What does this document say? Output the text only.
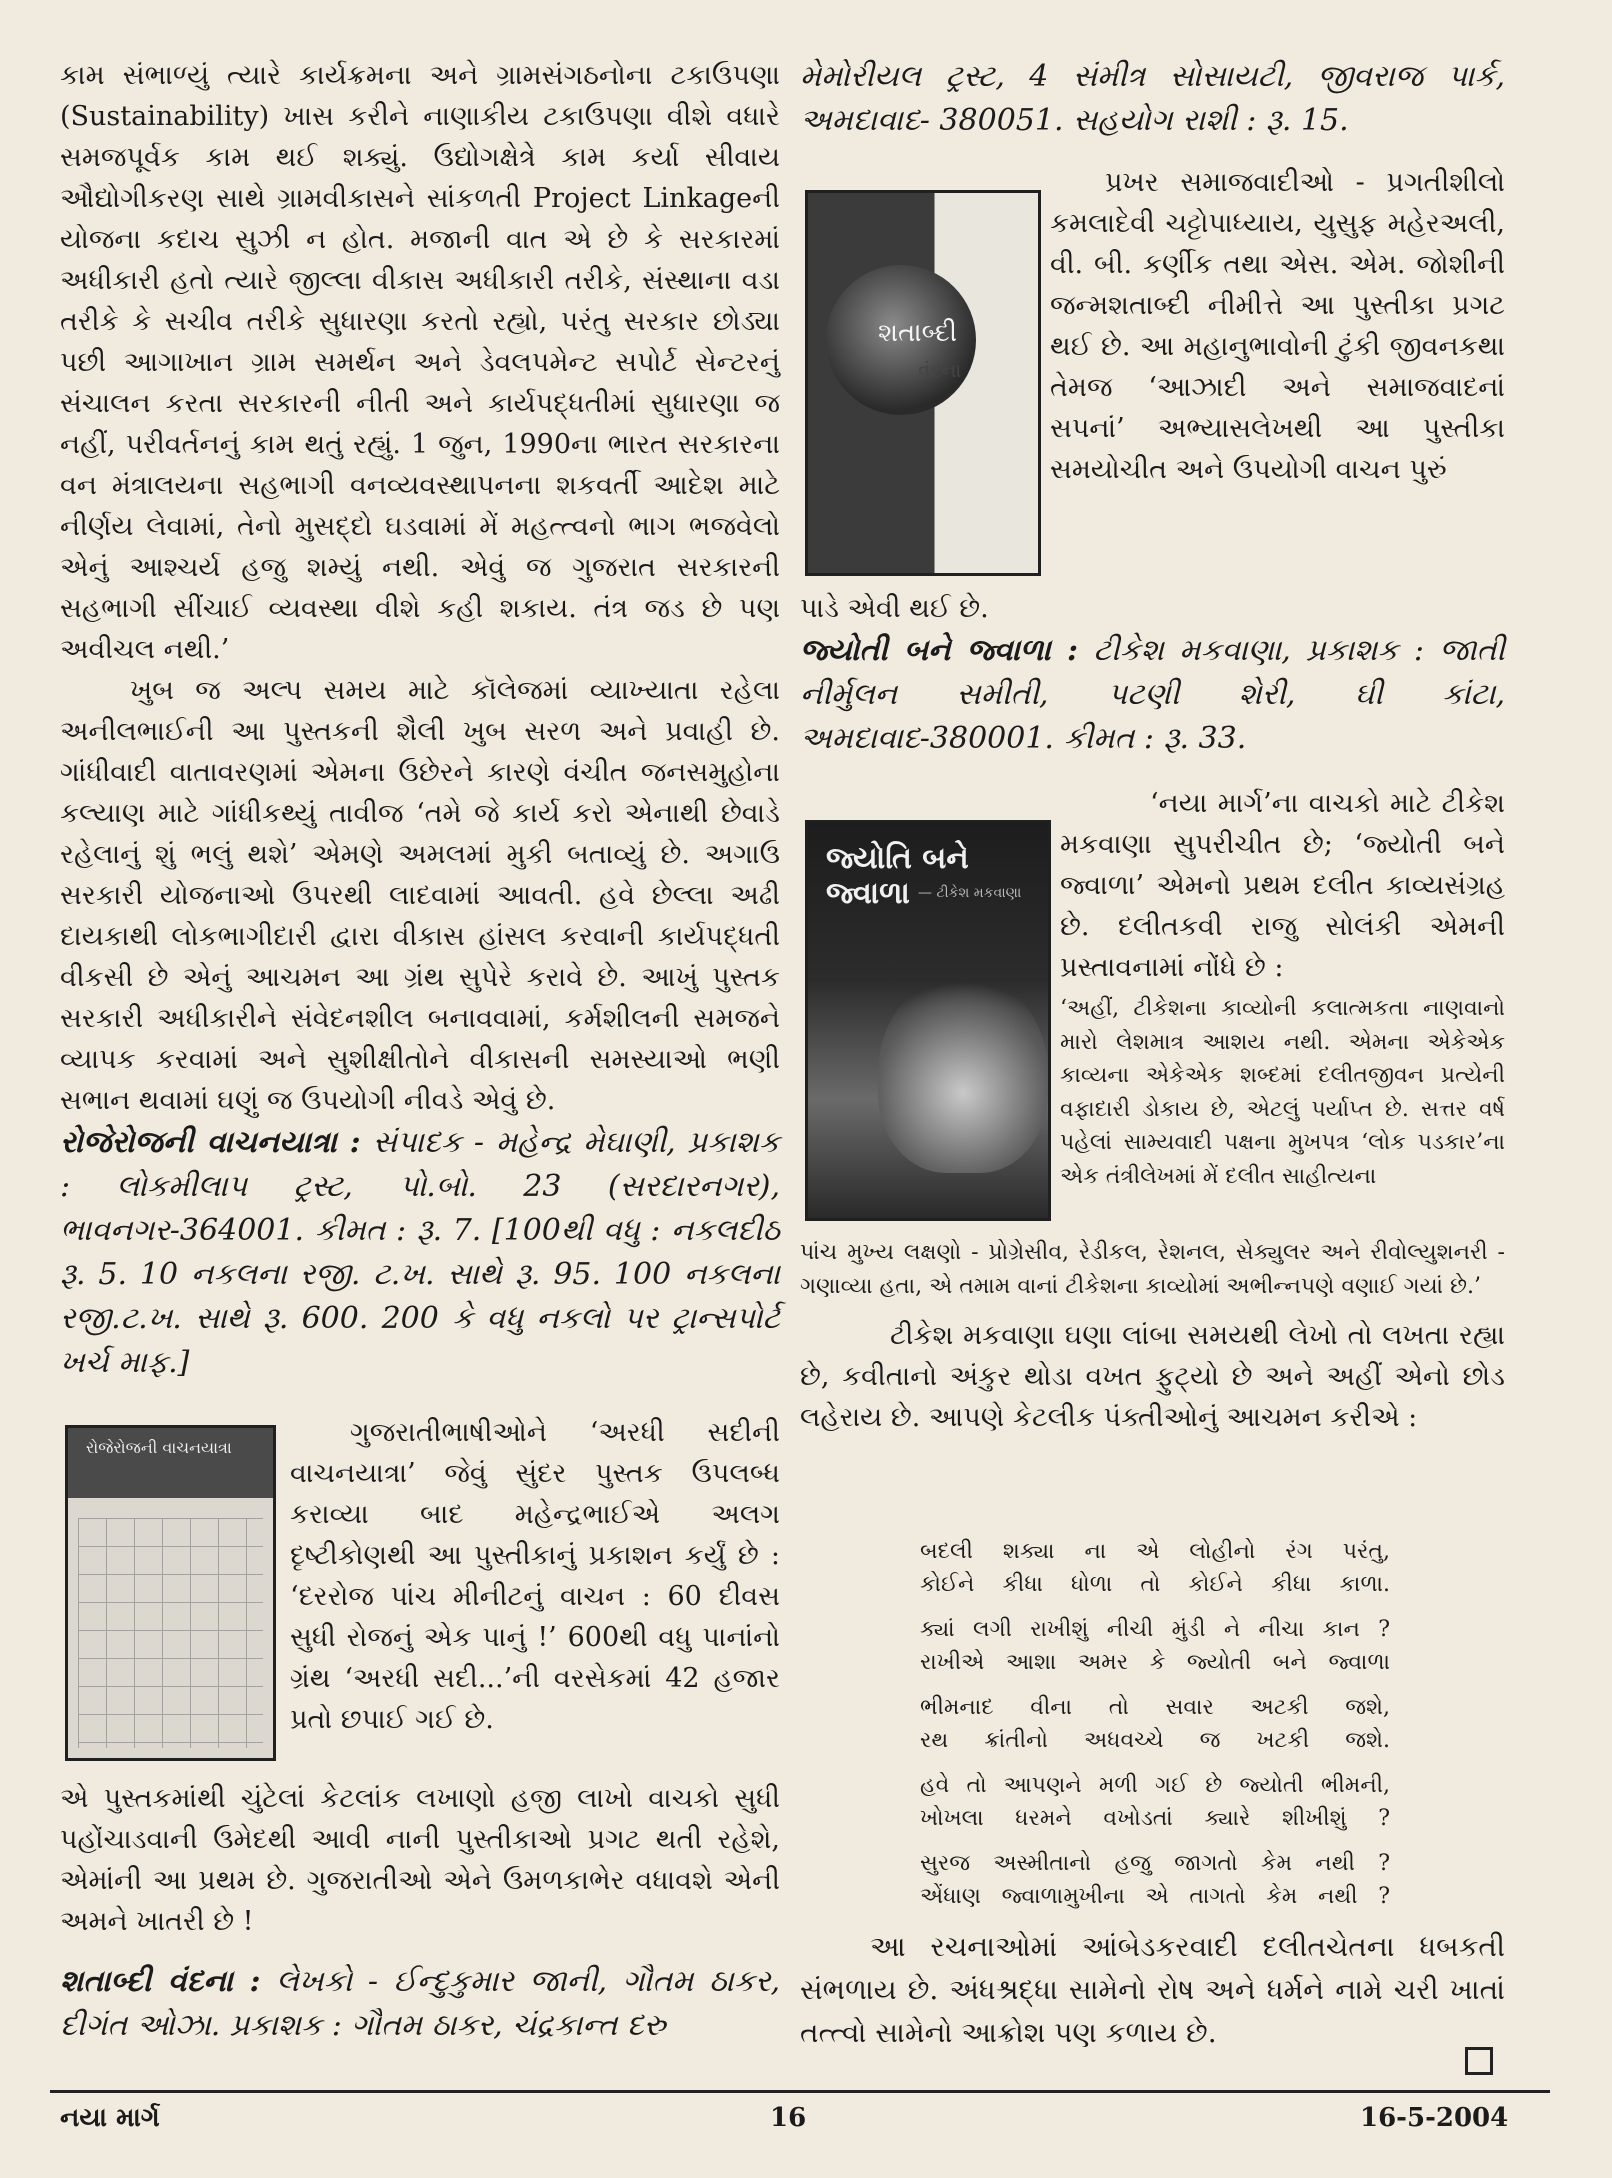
કામ સંભાળ્યું ત્યારે કાર્યક્રમના અને ગ્રામસંગઠનોના ટકાઉપણા (Sustainability) ખાસ કરીને નાણાકીય ટકાઉપણા વીશે વધારે સમજપૂર્વક કામ થઈ શક્યું. ઉદ્યોગક્ષેત્રે કામ કર્યા સીવાય ઔદ્યોગીકરણ સાથે ગ્રામવીકાસને સાંકળતી Project Linkageની યોજના કદાચ સુઝી ન હોત. મજાની વાત એ છે કે સરકારમાં અધીકારી હતો ત્યારે જીલ્લા વીકાસ અધીકારી તરીકે, સંસ્થાના વડા તરીકે કે સચીવ તરીકે સુધારણા કરતો રહ્યો, પરંતુ સરકાર છોડ્યા પછી આગાખાન ગ્રામ સમર્થન અને ડેવલપમેન્ટ સપોર્ટ સેન્ટરનું સંચાલન કરતા સરકારની નીતી અને કાર્યપદ્ધતીમાં સુધારણા જ નહીં, પરીવર્તનનું કામ થતું રહ્યું. 1 જુન, 1990ના ભારત સરકારના વન મંત્રાલયના સહભાગી વનવ્યવસ્થાપનના શકવર્તી આદેશ માટે નીર્ણય લેવામાં, તેનો મુસદ્દો ઘડવામાં મેં મહત્ત્વનો ભાગ ભજવેલો એનું આશ્ચર્ય હજુ શમ્યું નથી. એવું જ ગુજરાત સરકારની સહભાગી સીંચાઈ વ્યવસ્થા વીશે કહી શકાય. તંત્ર જડ છે પણ અવીચલ નથી.’

ખુબ જ અલ્પ સમય માટે કૉલેજમાં વ્યાખ્યાતા રહેલા અનીલભાઈની આ પુસ્તકની શૈલી ખુબ સરળ અને પ્રવાહી છે. ગાંધીવાદી વાતાવરણમાં એમના ઉછેરને કારણે વંચીત જનસમુહોના કલ્યાણ માટે ગાંધીકથ્યું તાવીજ ‘તમે જે કાર્ય કરો એનાથી છેવાડે રહેલાનું શું ભલું થશે’ એમણે અમલમાં મુકી બતાવ્યું છે. અગાઉ સરકારી યોજનાઓ ઉપરથી લાદવામાં આવતી. હવે છેલ્લા અઢી દાયકાથી લોકભાગીદારી દ્વારા વીકાસ હાંસલ કરવાની કાર્યપદ્ધતી વીકસી છે એનું આચમન આ ગ્રંથ સુપેરે કરાવે છે. આખું પુસ્તક સરકારી અધીકારીને સંવેદનશીલ બનાવવામાં, કર્મશીલની સમજને વ્યાપક કરવામાં અને સુશીક્ષીતોને વીકાસની સમસ્યાઓ ભણી સભાન થવામાં ઘણું જ ઉપયોગી નીવડે એવું છે.

રોજેરોજની વાચનયાત્રા : સંપાદક - મહેન્દ્ર મેઘાણી, પ્રકાશક : લોકમીલાપ ટ્રસ્ટ, પો.બો. 23 (સરદારનગર), ભાવનગર-364001. કીમત : રૂ. 7. [100થી વધુ : નકલદીઠ રૂ. 5. 10 નકલના રજી. ટ.ખ. સાથે રૂ. 95. 100 નકલના રજી.ટ.ખ. સાથે રૂ. 600. 200 કે વધુ નકલો પર ટ્રાન્સપોર્ટ ખર્ચ માફ.]

રોજેરોજની વાચનયાત્રા	ગુજરાતીભાષીઓને ‘અરધી સદીની વાચનયાત્રા’ જેવું સુંદર પુસ્તક ઉપલબ્ધ કરાવ્યા બાદ મહેન્દ્રભાઈએ અલગ દૃષ્ટીકોણથી આ પુસ્તીકાનું પ્રકાશન કર્યું છે : ‘દરરોજ પાંચ મીનીટનું વાચન : 60 દીવસ સુધી રોજનું એક પાનું !’ 600થી વધુ પાનાંનો ગ્રંથ ‘અરધી સદી...’ની વરસેકમાં 42 હજાર પ્રતો છપાઈ ગઈ છે.

એ પુસ્તકમાંથી ચુંટેલાં કેટલાંક લખાણો હજી લાખો વાચકો સુધી પહોંચાડવાની ઉમેદથી આવી નાની પુસ્તીકાઓ પ્રગટ થતી રહેશે, એમાંની આ પ્રથમ છે. ગુજરાતીઓ એને ઉમળકાભેર વધાવશે એની અમને ખાતરી છે !

શતાબ્દી વંદના : લેખકો - ઈન્દુકુમાર જાની, ગૌતમ ઠાકર, દીગંત ઓઝા. પ્રકાશક : ગૌતમ ઠાકર, ચંદ્રકાન્ત દરુ

મેમોરીયલ ટ્રસ્ટ, 4 સંમીત્ર સોસાયટી, જીવરાજ પાર્ક, અમદાવાદ- 380051. સહયોગ રાશી : રૂ. 15.

શતાબ્દી
વંદના

પ્રખર સમાજવાદીઓ - પ્રગતીશીલો કમલાદેવી ચટ્ટોપાધ્યાય, યુસુફ મહેરઅલી, વી. બી. કર્ણીક તથા એસ. એમ. જોશીની જન્મશતાબ્દી નીમીત્તે આ પુસ્તીકા પ્રગટ થઈ છે. આ મહાનુભાવોની ટુંકી જીવનકથા તેમજ ‘આઝાદી અને સમાજવાદનાં સપનાં’ અભ્યાસલેખથી આ પુસ્તીકા સમયોચીત અને ઉપયોગી વાચન પુરું

પાડે એવી થઈ છે.

જ્યોતી બને જ્વાળા : ટીકેશ મકવાણા, પ્રકાશક : જાતી નીર્મુલન સમીતી, પટણી શેરી, ઘી કાંટા, અમદાવાદ-380001. કીમત : રૂ. 33.

જ્યોતિ બને જ્વાળા — ટીકેશ મકવાણા

‘નયા માર્ગ’ના વાચકો માટે ટીકેશ મકવાણા સુપરીચીત છે; ‘જ્યોતી બને જ્વાળા’ એમનો પ્રથમ દલીત કાવ્યસંગ્રહ છે. દલીતકવી રાજુ સોલંકી એમની પ્રસ્તાવનામાં નોંધે છે :

‘અહીં, ટીકેશના કાવ્યોની કલાત્મકતા નાણવાનો મારો લેશમાત્ર આશય નથી. એમના એકેએક કાવ્યના એકેએક શબ્દમાં દલીતજીવન પ્રત્યેની વફાદારી ડોકાય છે, એટલું પર્યાપ્ત છે. સત્તર વર્ષ પહેલાં સામ્યવાદી પક્ષના મુખપત્ર ‘લોક પડકાર’ના એક તંત્રીલેખમાં મેં દલીત સાહીત્યના

પાંચ મુખ્ય લક્ષણો - પ્રોગ્રેસીવ, રેડીકલ, રેશનલ, સેક્યુલર અને રીવોલ્યુશનરી - ગણાવ્યા હતા, એ તમામ વાનાં ટીકેશના કાવ્યોમાં અભીન્નપણે વણાઈ ગયાં છે.’

ટીકેશ મકવાણા ઘણા લાંબા સમયથી લેખો તો લખતા રહ્યા છે, કવીતાનો અંકુર થોડા વખત ફુટ્યો છે અને અહીં એનો છોડ લહેરાય છે. આપણે કેટલીક પંક્તીઓનું આચમન કરીએ :

બદલી શક્યા ના એ લોહીનો રંગ પરંતુ,
કોઈને કીધા ધોળા તો કોઈને કીધા કાળા.
ક્યાં લગી રાખીશું નીચી મુંડી ને નીચા કાન ?
રાખીએ આશા અમર કે જ્યોતી બને જ્વાળા
ભીમનાદ વીના તો સવાર અટકી જશે,
રથ ક્રાંતીનો અધવચ્ચે જ ખટકી જશે.
હવે તો આપણને મળી ગઈ છે જ્યોતી ભીમની,
ખોખલા ધરમને વખોડતાં ક્યારે શીખીશું ?
સુરજ અસ્મીતાનો હજુ જાગતો કેમ નથી ?
એંધાણ જ્વાળામુખીના એ તાગતો કેમ નથી ?

આ રચનાઓમાં આંબેડકરવાદી દલીતચેતના ધબકતી સંભળાય છે. અંધશ્રદ્ધા સામેનો રોષ અને ધર્મને નામે ચરી ખાતાં તત્ત્વો સામેનો આક્રોશ પણ કળાય છે.

નયા માર્ગ	16	16-5-2004
